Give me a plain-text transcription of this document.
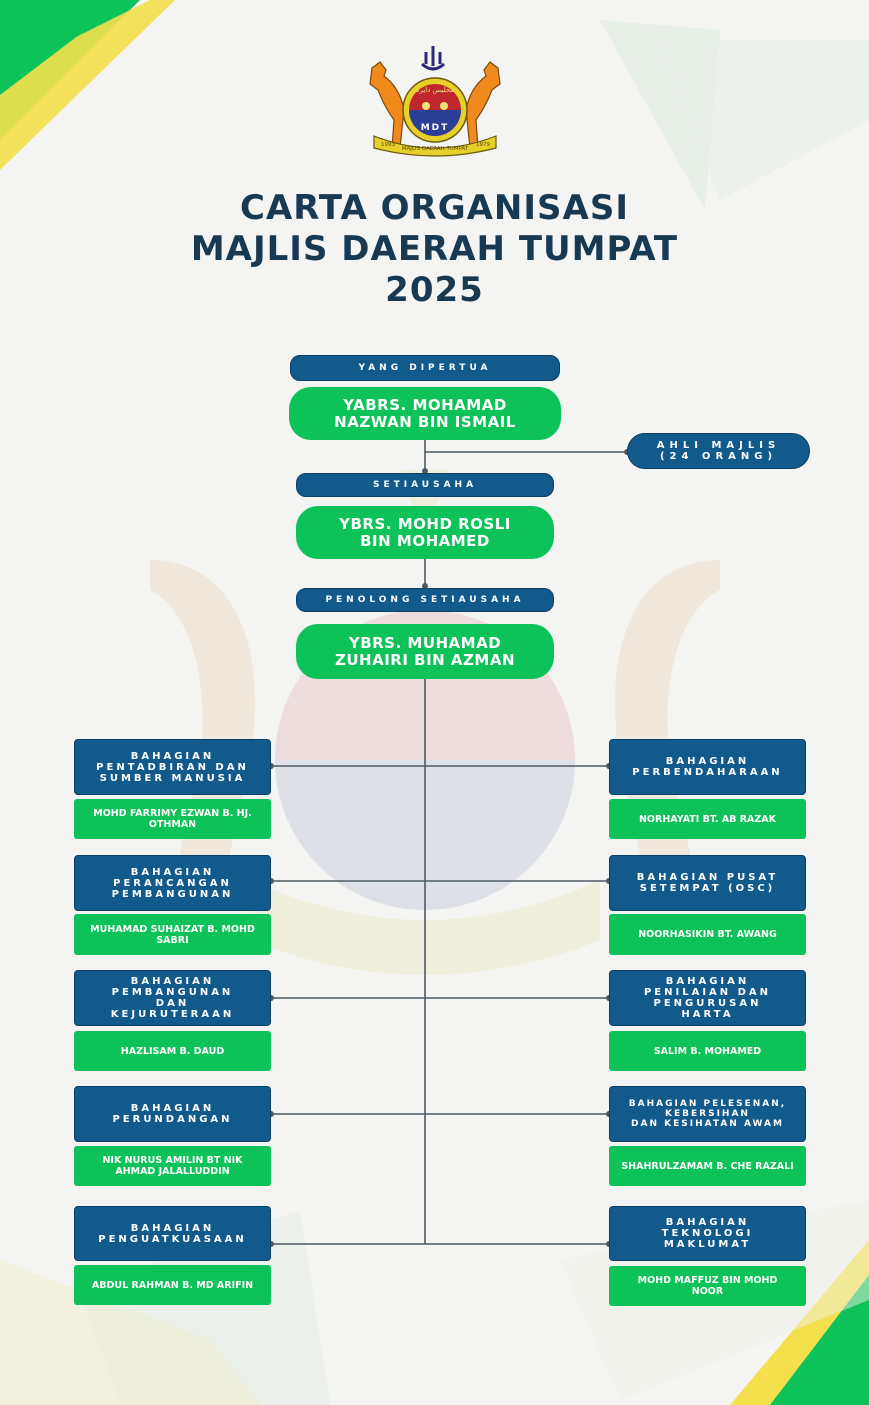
مجليس دايره
MDT
MAJLIS DAERAH TUMPAT
1993	1979
CARTA ORGANISASI
MAJLIS DAERAH TUMPAT
2025
YANG DIPERTUA
YABRS. MOHAMAD
NAZWAN BIN ISMAIL
AHLI MAJLIS
(24 ORANG)
SETIAUSAHA
YBRS. MOHD ROSLI
BIN MOHAMED
PENOLONG SETIAUSAHA
YBRS. MUHAMAD
ZUHAIRI BIN AZMAN
BAHAGIAN
PENTADBIRAN DAN
SUMBER MANUSIA
MOHD FARRIMY EZWAN B. HJ.
OTHMAN
BAHAGIAN
PERANCANGAN
PEMBANGUNAN
MUHAMAD SUHAIZAT B. MOHD
SABRI
BAHAGIAN
PEMBANGUNAN
DAN
KEJURUTERAAN
HAZLISAM B. DAUD
BAHAGIAN
PERUNDANGAN
NIK NURUS AMILIN BT NIK
AHMAD JALALLUDDIN
BAHAGIAN
PENGUATKUASAAN
ABDUL RAHMAN B. MD ARIFIN
BAHAGIAN
PERBENDAHARAAN
NORHAYATI BT. AB RAZAK
BAHAGIAN PUSAT
SETEMPAT (OSC)
NOORHASIKIN BT. AWANG
BAHAGIAN
PENILAIAN DAN
PENGURUSAN
HARTA
SALIM B. MOHAMED
BAHAGIAN PELESENAN,
KEBERSIHAN
DAN KESIHATAN AWAM
SHAHRULZAMAM B. CHE RAZALI
BAHAGIAN
TEKNOLOGI
MAKLUMAT
MOHD MAFFUZ BIN MOHD
NOOR
